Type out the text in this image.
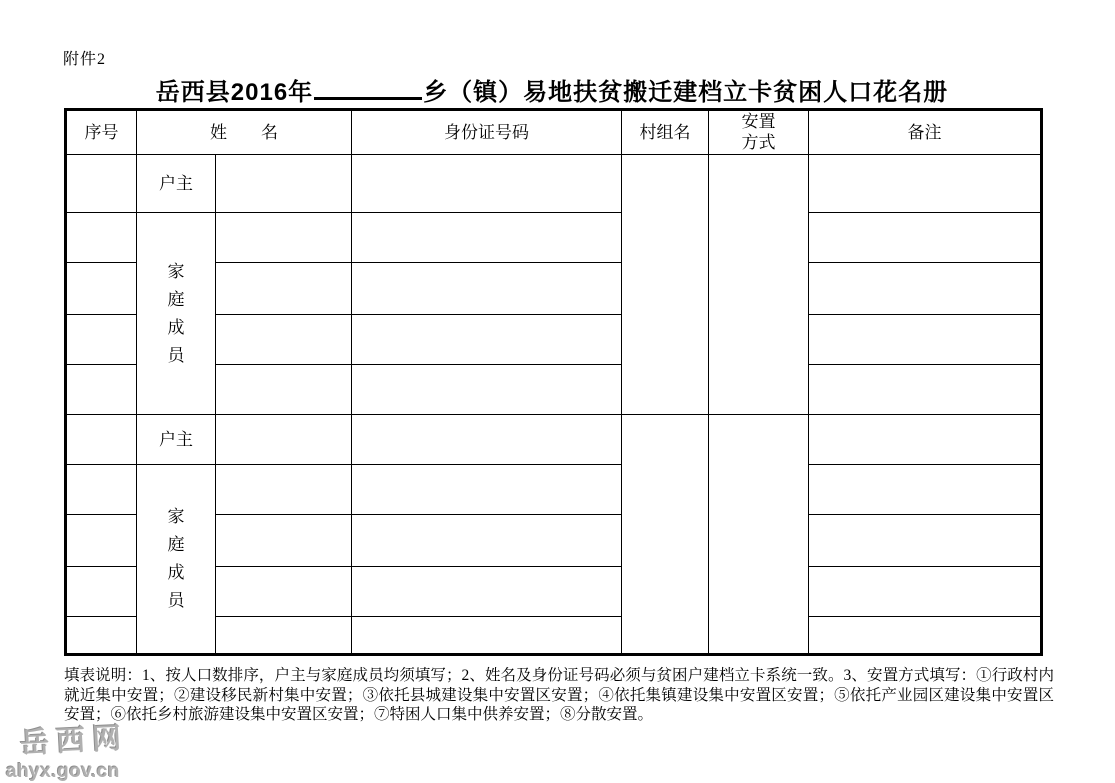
附件2
岳西县2016年	乡（镇）易地扶贫搬迁建档立卡贫困人口花名册
序号	姓　　名		身份证号码	村组名	安置方式	备注
	户主					
	家庭成员					

	户主					
	家庭成员					

填表说明：1、按人口数排序，户主与家庭成员均须填写；2、姓名及身份证号码必须与贫困户建档立卡系统一致。3、安置方式填写：①行政村内就近集中安置；②建设移民新村集中安置；③依托县城建设集中安置区安置；④依托集镇建设集中安置区安置；⑤依托产业园区建设集中安置区安置；⑥依托乡村旅游建设集中安置区安置；⑦特困人口集中供养安置；⑧分散安置。
岳西网
ahyx.gov.cn
